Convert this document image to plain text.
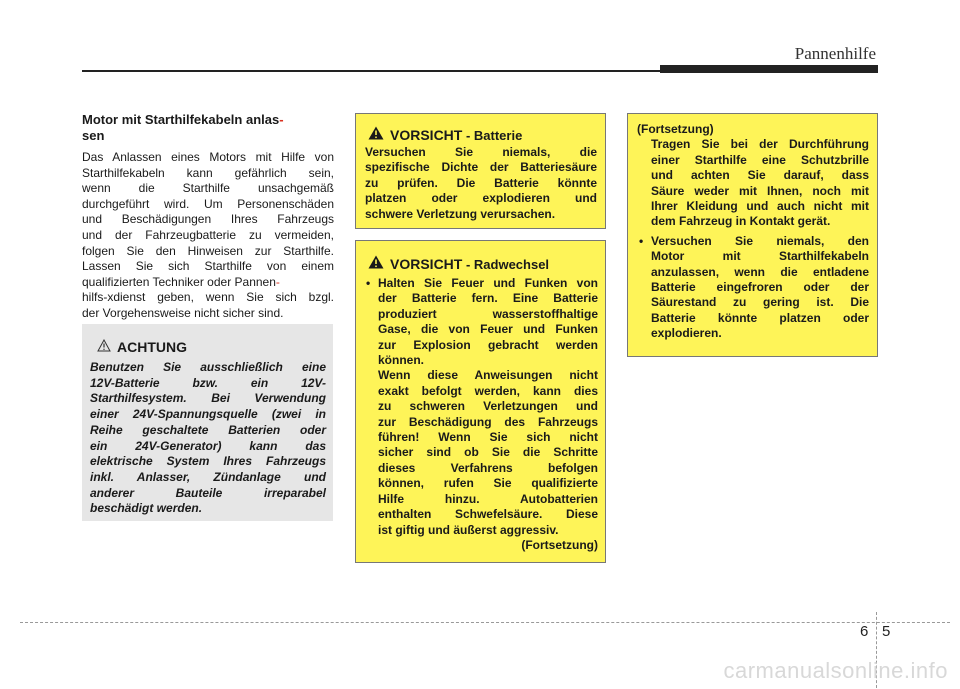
Pannenhilfe
Motor mit Starthilfekabeln anlas-
sen
Das Anlassen eines Motors mit Hilfe von
Starthilfekabeln kann gefährlich sein,
wenn die Starthilfe unsachgemäß
durchgeführt wird. Um Personenschäden
und Beschädigungen Ihres Fahrzeugs
und der Fahrzeugbatterie zu vermeiden,
folgen Sie den Hinweisen zur Starthilfe.
Lassen Sie sich Starthilfe von einem
qualifizierten Techniker oder Pannen-
hilfs-xdienst geben, wenn Sie sich bzgl.
der Vorgehensweise nicht sicher sind.
ACHTUNG
Benutzen Sie ausschließlich eine
12V-Batterie bzw. ein 12V-
Starthilfesystem. Bei Verwendung
einer 24V-Spannungsquelle (zwei in
Reihe geschaltete Batterien oder
ein 24V-Generator) kann das
elektrische System Ihres Fahrzeugs
inkl. Anlasser, Zündanlage und
anderer Bauteile irreparabel
beschädigt werden.
VORSICHT - Batterie
Versuchen Sie niemals, die
spezifische Dichte der Batteriesäure
zu prüfen. Die Batterie könnte
platzen oder explodieren und
schwere Verletzung verursachen.
VORSICHT - Radwechsel
• Halten Sie Feuer und Funken von
der Batterie fern. Eine Batterie
produziert wasserstoffhaltige
Gase, die von Feuer und Funken
zur Explosion gebracht werden
können.
Wenn diese Anweisungen nicht
exakt befolgt werden, kann dies
zu schweren Verletzungen und
zur Beschädigung des Fahrzeugs
führen! Wenn Sie sich nicht
sicher sind ob Sie die Schritte
dieses Verfahrens befolgen
können, rufen Sie qualifizierte
Hilfe hinzu. Autobatterien
enthalten Schwefelsäure. Diese
ist giftig und äußerst aggressiv.
(Fortsetzung)
(Fortsetzung)
Tragen Sie bei der Durchführung
einer Starthilfe eine Schutzbrille
und achten Sie darauf, dass
Säure weder mit Ihnen, noch mit
Ihrer Kleidung und auch nicht mit
dem Fahrzeug in Kontakt gerät.
• Versuchen Sie niemals, den
Motor mit Starthilfekabeln
anzulassen, wenn die entladene
Batterie eingefroren oder der
Säurestand zu gering ist. Die
Batterie könnte platzen oder
explodieren.
6 5
carmanualsonline.info
